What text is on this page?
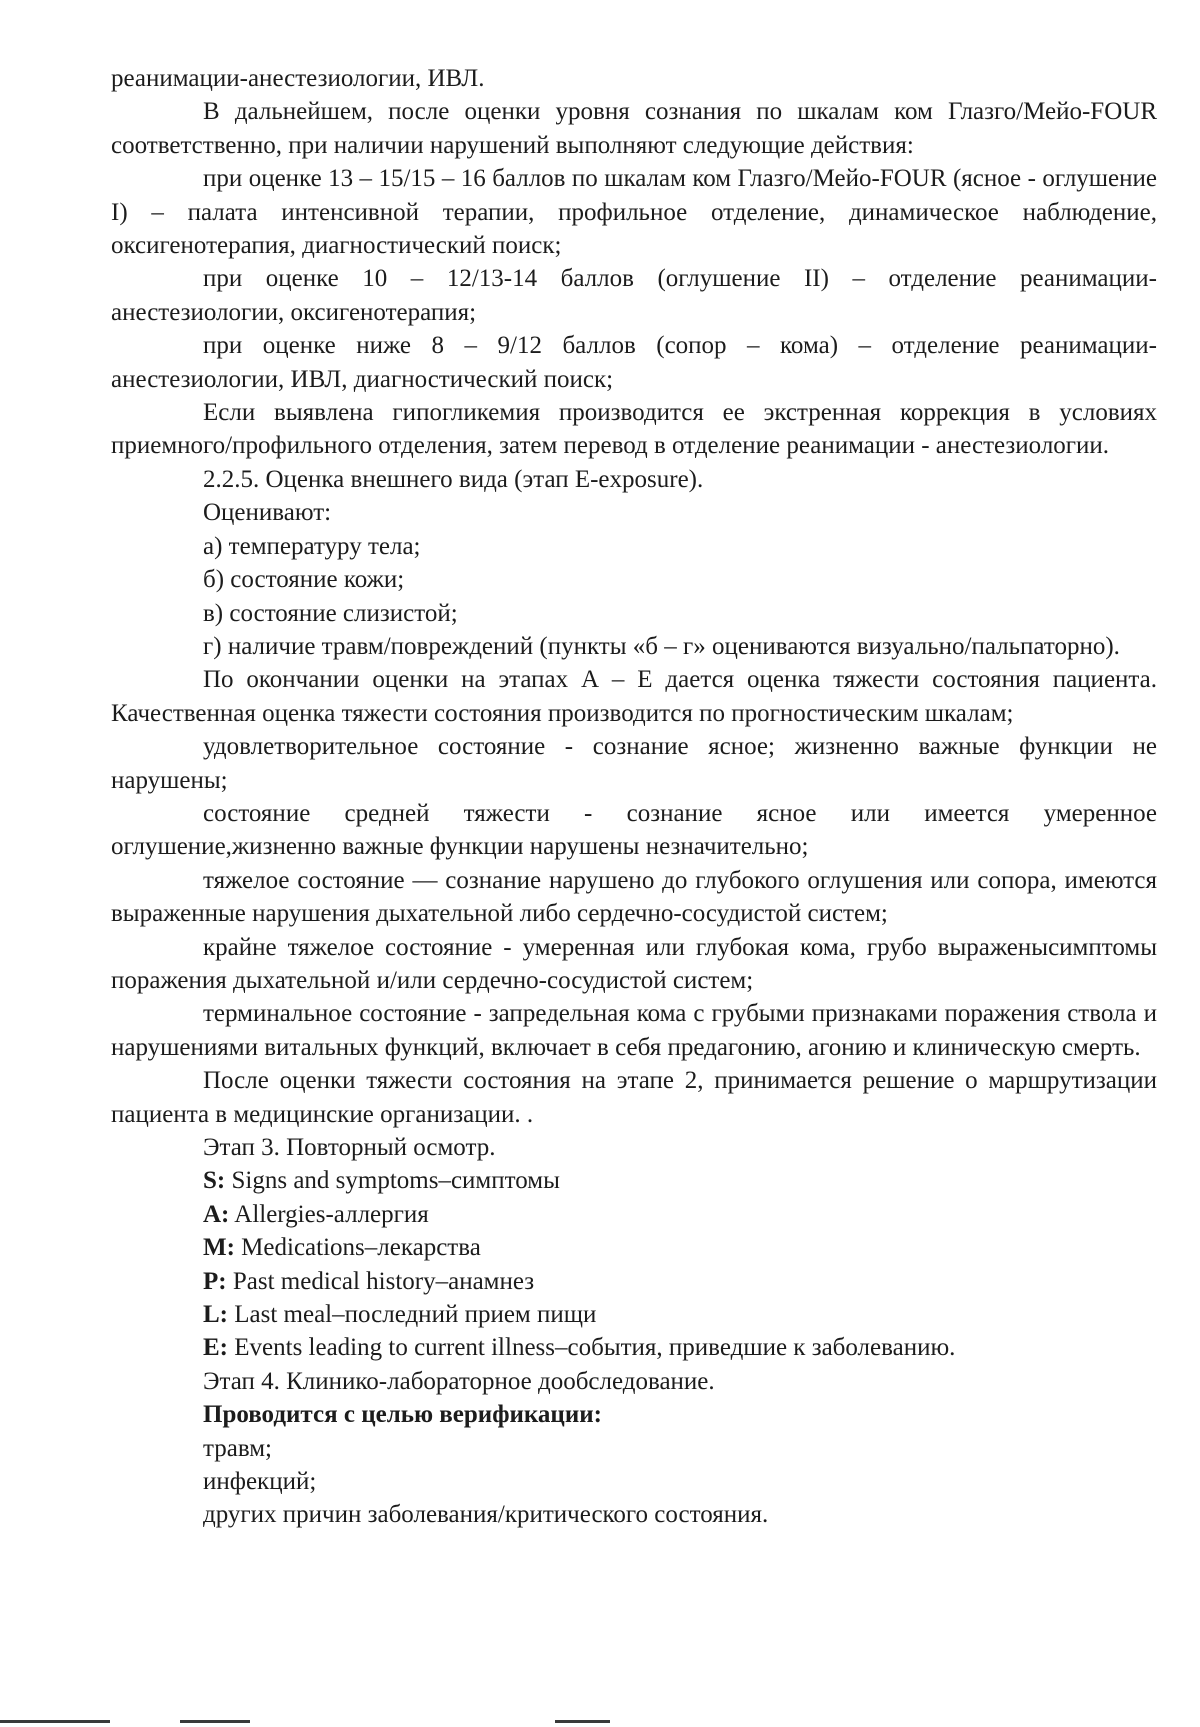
реанимации-анестезиологии, ИВЛ.

В дальнейшем, после оценки уровня сознания по шкалам ком Глазго/Мейо-FOUR соответственно, при наличии нарушений выполняют следующие действия:

при оценке 13 – 15/15 – 16 баллов по шкалам ком Глазго/Мейо-FOUR (ясное - оглушение I) – палата интенсивной терапии, профильное отделение, динамическое наблюдение, оксигенотерапия, диагностический поиск;

при оценке 10 – 12/13-14 баллов (оглушение II) – отделение реанимации-анестезиологии, оксигенотерапия;

при оценке ниже 8 – 9/12 баллов (сопор – кома) – отделение реанимации-анестезиологии, ИВЛ, диагностический поиск;

Если выявлена гипогликемия производится ее экстренная коррекция в условиях приемного/профильного отделения, затем перевод в отделение реанимации - анестезиологии.

2.2.5. Оценка внешнего вида (этап E-exposure).

Оценивают:

а) температуру тела;

б) состояние кожи;

в) состояние слизистой;

г) наличие травм/повреждений (пункты «б – г» оцениваются визуально/пальпаторно).

По окончании оценки на этапах А – Е дается оценка тяжести состояния пациента. Качественная оценка тяжести состояния производится по прогностическим шкалам;

удовлетворительное состояние - сознание ясное; жизненно важные функции не нарушены;

состояние средней тяжести - сознание ясное или имеется умеренное оглушение,жизненно важные функции нарушены незначительно;

тяжелое состояние — сознание нарушено до глубокого оглушения или сопора, имеются выраженные нарушения дыхательной либо сердечно-сосудистой систем;

крайне тяжелое состояние - умеренная или глубокая кома, грубо выраженысимптомы поражения дыхательной и/или сердечно-сосудистой систем;

терминальное состояние - запредельная кома с грубыми признаками поражения ствола и нарушениями витальных функций, включает в себя предагонию, агонию и клиническую смерть.

После оценки тяжести состояния на этапе 2, принимается решение о маршрутизации пациента в медицинские организации. .

Этап 3. Повторный осмотр.

S: Signs and symptoms–симптомы

A: Allergies-аллергия

M: Medications–лекарства

P: Past medical history–анамнез

L: Last meal–последний прием пищи

E: Events leading to current illness–события, приведшие к заболеванию.

Этап 4. Клинико-лабораторное дообследование.

Проводится с целью верификации:

травм;

инфекций;

других причин заболевания/критического состояния.
